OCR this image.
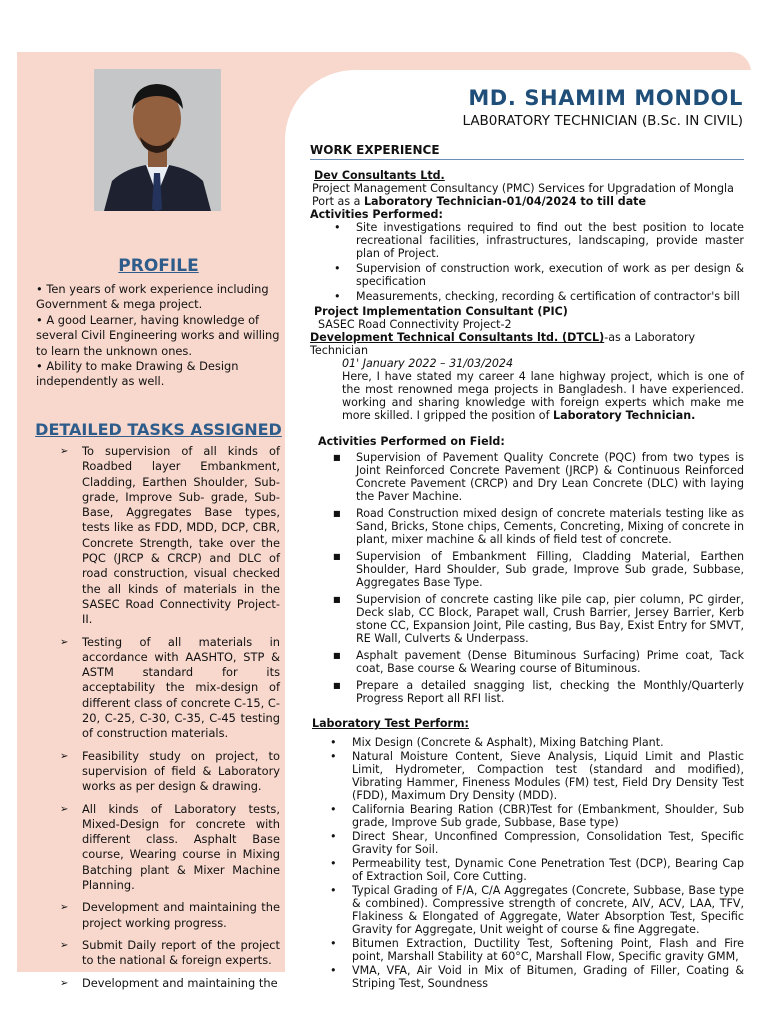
MD. SHAMIM MONDOL
LAB0RATORY TECHNICIAN (B.Sc. IN CIVIL)
PROFILE

• Ten years of work experience including Government & mega project.

• A good Learner, having knowledge of several Civil Engineering works and willing to learn the unknown ones.

• Ability to make Drawing & Design independently as well.

DETAILED TASKS ASSIGNED
➢ To supervision of all kinds of Roadbed layer Embankment, Cladding, Earthen Shoulder, Sub-grade, Improve Sub- grade, Sub-Base, Aggregates Base types, tests like as FDD, MDD, DCP, CBR, Concrete Strength, take over the PQC (JRCP & CRCP) and DLC of road construction, visual checked the all kinds of materials in the SASEC Road Connectivity Project-II.
➢ Testing of all materials in accordance with AASHTO, STP & ASTM standard for its acceptability the mix-design of different class of concrete C-15, C-20, C-25, C-30, C-35, C-45 testing of construction materials.
➢ Feasibility study on project, to supervision of field & Laboratory works as per design & drawing.
➢ All kinds of Laboratory tests, Mixed-Design for concrete with different class. Asphalt Base course, Wearing course in Mixing Batching plant & Mixer Machine Planning.
➢ Development and maintaining the project working progress.
➢ Submit Daily report of the project to the national & foreign experts.
➢ Development and maintaining the
WORK EXPERIENCE

Dev Consultants Ltd.

Project Management Consultancy (PMC) Services for Upgradation of Mongla Port as a Laboratory Technician-01/04/2024 to till date

Activities Performed:

• Site investigations required to find out the best position to locate recreational facilities, infrastructures, landscaping, provide master plan of Project.
• Supervision of construction work, execution of work as per design & specification
• Measurements, checking, recording & certification of contractor's bill

Project Implementation Consultant (PIC)

SASEC Road Connectivity Project-2

Development Technical Consultants ltd. (DTCL)-as a Laboratory Technician

01' January 2022 – 31/03/2024

Here, I have stated my career 4 lane highway project, which is one of the most renowned mega projects in Bangladesh. I have experienced. working and sharing knowledge with foreign experts which make me more skilled. I gripped the position of Laboratory Technician.

Activities Performed on Field:

■ Supervision of Pavement Quality Concrete (PQC) from two types is Joint Reinforced Concrete Pavement (JRCP) & Continuous Reinforced Concrete Pavement (CRCP) and Dry Lean Concrete (DLC) with laying the Paver Machine.
■ Road Construction mixed design of concrete materials testing like as Sand, Bricks, Stone chips, Cements, Concreting, Mixing of concrete in plant, mixer machine & all kinds of field test of concrete.
■ Supervision of Embankment Filling, Cladding Material, Earthen Shoulder, Hard Shoulder, Sub grade, Improve Sub grade, Subbase, Aggregates Base Type.
■ Supervision of concrete casting like pile cap, pier column, PC girder, Deck slab, CC Block, Parapet wall, Crush Barrier, Jersey Barrier, Kerb stone CC, Expansion Joint, Pile casting, Bus Bay, Exist Entry for SMVT, RE Wall, Culverts & Underpass.
■ Asphalt pavement (Dense Bituminous Surfacing) Prime coat, Tack coat, Base course & Wearing course of Bituminous.
■ Prepare a detailed snagging list, checking the Monthly/Quarterly Progress Report all RFI list.

Laboratory Test Perform:

• Mix Design (Concrete & Asphalt), Mixing Batching Plant.
• Natural Moisture Content, Sieve Analysis, Liquid Limit and Plastic Limit, Hydrometer, Compaction test (standard and modified), Vibrating Hammer, Fineness Modules (FM) test, Field Dry Density Test (FDD), Maximum Dry Density (MDD).
• California Bearing Ration (CBR)Test for (Embankment, Shoulder, Sub grade, Improve Sub grade, Subbase, Base type)
• Direct Shear, Unconfined Compression, Consolidation Test, Specific Gravity for Soil.
• Permeability test, Dynamic Cone Penetration Test (DCP), Bearing Cap of Extraction Soil, Core Cutting.
• Typical Grading of F/A, C/A Aggregates (Concrete, Subbase, Base type & combined). Compressive strength of concrete, AIV, ACV, LAA, TFV, Flakiness & Elongated of Aggregate, Water Absorption Test, Specific Gravity for Aggregate, Unit weight of course & fine Aggregate.
• Bitumen Extraction, Ductility Test, Softening Point, Flash and Fire point, Marshall Stability at 60°C, Marshall Flow, Specific gravity GMM,
• VMA, VFA, Air Void in Mix of Bitumen, Grading of Filler, Coating & Striping Test, Soundness
